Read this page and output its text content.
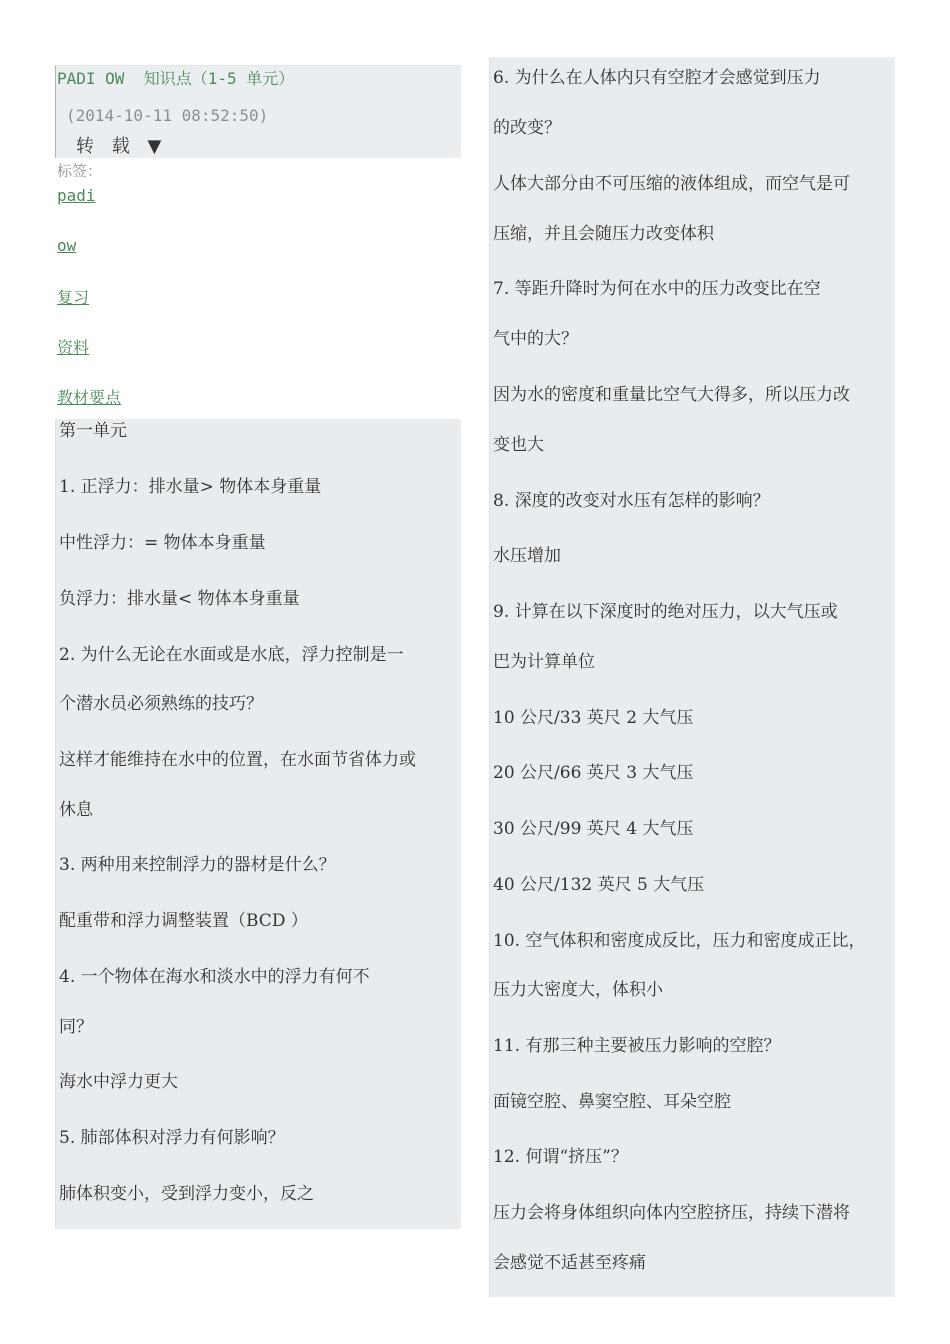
PADI OW  知识点（1-5 单元）
(2014-10-11 08:52:50)
转 载 ▼
标签：
padi
ow
复习
资料
教材要点
第一单元
1. 正浮力：排水量> 物体本身重量
中性浮力：= 物体本身重量
负浮力：排水量< 物体本身重量
2. 为什么无论在水面或是水底，浮力控制是一
个潜水员必须熟练的技巧？
这样才能维持在水中的位置，在水面节省体力或
休息
3. 两种用来控制浮力的器材是什么？
配重带和浮力调整装置（BCD ）
4. 一个物体在海水和淡水中的浮力有何不
同？
海水中浮力更大
5. 肺部体积对浮力有何影响？
肺体积变小，受到浮力变小，反之
6. 为什么在人体内只有空腔才会感觉到压力
的改变？
人体大部分由不可压缩的液体组成，而空气是可
压缩，并且会随压力改变体积
7. 等距升降时为何在水中的压力改变比在空
气中的大？
因为水的密度和重量比空气大得多，所以压力改
变也大
8. 深度的改变对水压有怎样的影响？
水压增加
9. 计算在以下深度时的绝对压力，以大气压或
巴为计算单位
10 公尺/33 英尺 2 大气压
20 公尺/66 英尺 3 大气压
30 公尺/99 英尺 4 大气压
40 公尺/132 英尺 5 大气压
10. 空气体积和密度成反比，压力和密度成正比，
压力大密度大，体积小
11. 有那三种主要被压力影响的空腔？
面镜空腔、鼻窦空腔、耳朵空腔
12. 何谓“挤压”？
压力会将身体组织向体内空腔挤压，持续下潜将
会感觉不适甚至疼痛
